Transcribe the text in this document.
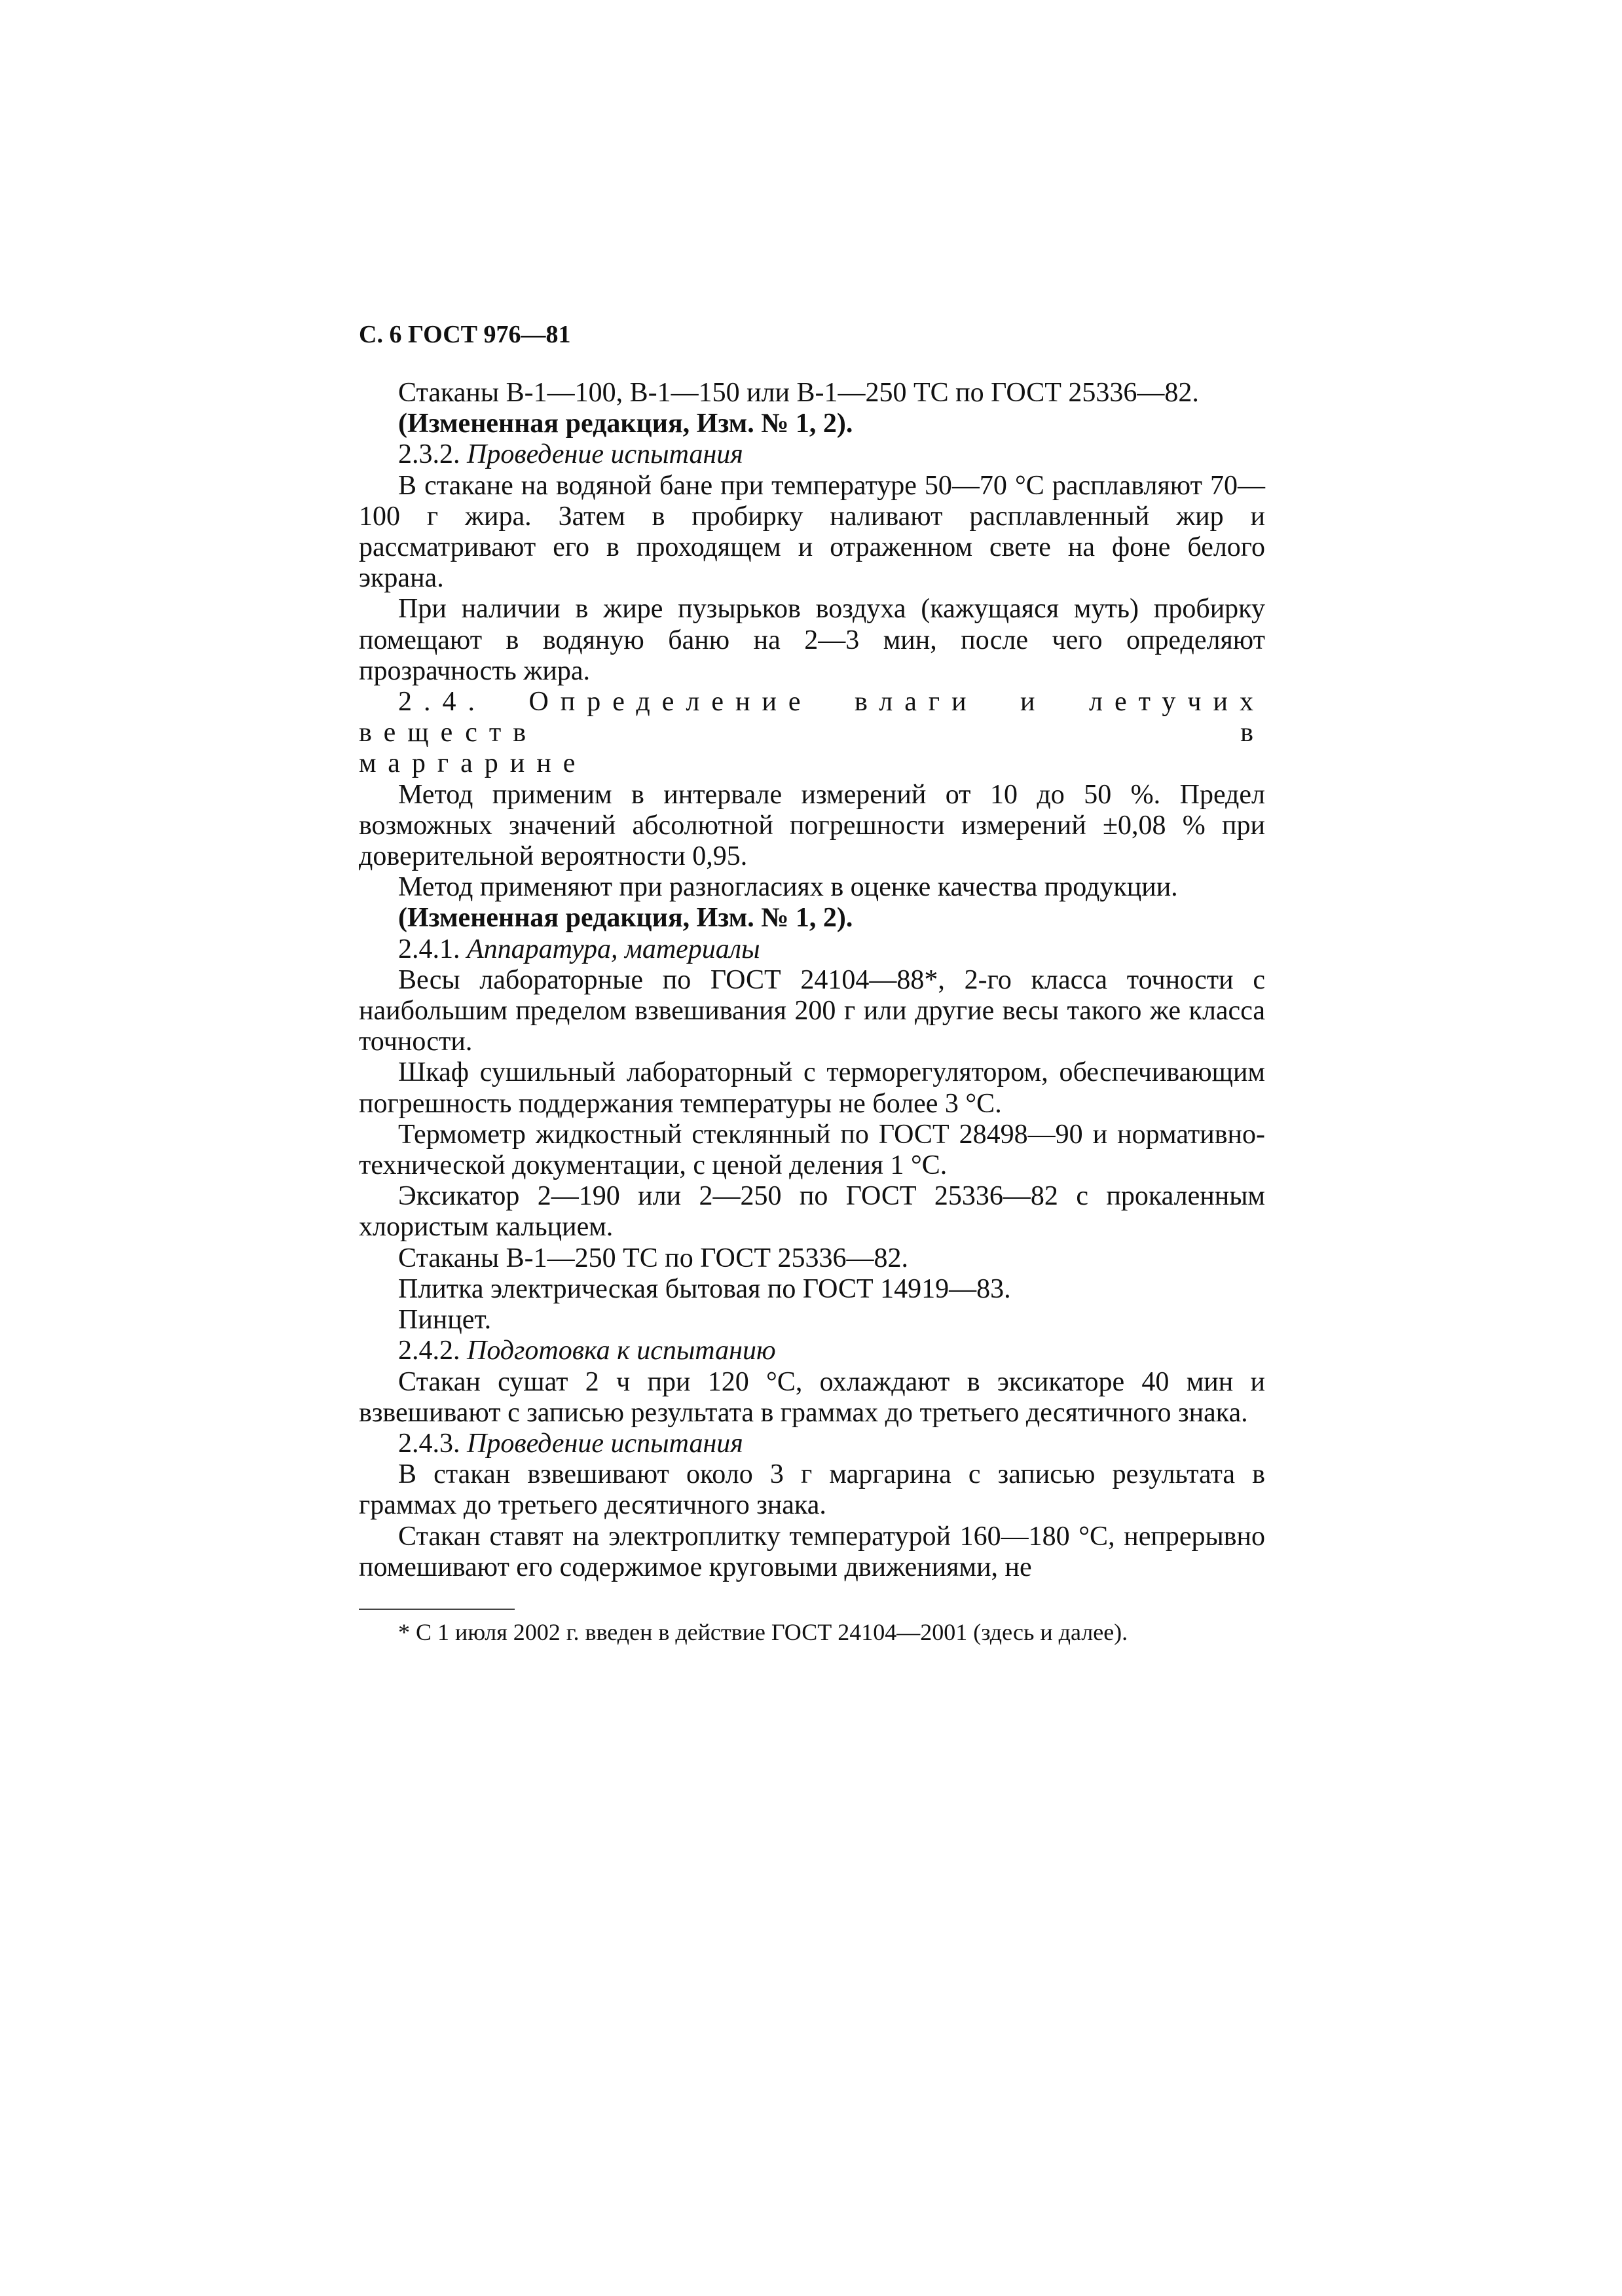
С. 6 ГОСТ 976—81

Стаканы В-1—100, В-1—150 или В-1—250 ТС по ГОСТ 25336—82.

(Измененная редакция, Изм. № 1, 2).

2.3.2. Проведение испытания

В стакане на водяной бане при температуре 50—70 °С расплавляют 70—100 г жира. Затем в пробирку наливают расплавленный жир и рассматривают его в проходящем и отраженном свете на фоне белого экрана.

При наличии в жире пузырьков воздуха (кажущаяся муть) пробирку помещают в водяную баню на 2—3 мин, после чего определяют прозрачность жира.

2.4. Определение влаги и летучих веществ в

маргарине

Метод применим в интервале измерений от 10 до 50 %. Предел возможных значений абсолютной погрешности измерений ±0,08 % при доверительной вероятности 0,95.

Метод применяют при разногласиях в оценке качества продукции.

(Измененная редакция, Изм. № 1, 2).

2.4.1. Аппаратура, материалы

Весы лабораторные по ГОСТ 24104—88*, 2-го класса точности с наибольшим пределом взвешивания 200 г или другие весы такого же класса точности.

Шкаф сушильный лабораторный с терморегулятором, обеспечивающим погрешность поддержания температуры не более 3 °С.

Термометр жидкостный стеклянный по ГОСТ 28498—90 и нормативно-технической документации, с ценой деления 1 °С.

Эксикатор 2—190 или 2—250 по ГОСТ 25336—82 с прокаленным хлористым кальцием.

Стаканы В-1—250 ТС по ГОСТ 25336—82.

Плитка электрическая бытовая по ГОСТ 14919—83.

Пинцет.

2.4.2. Подготовка к испытанию

Стакан сушат 2 ч при 120 °С, охлаждают в эксикаторе 40 мин и взвешивают с записью результата в граммах до третьего десятичного знака.

2.4.3. Проведение испытания

В стакан взвешивают около 3 г маргарина с записью результата в граммах до третьего десятичного знака.

Стакан ставят на электроплитку температурой 160—180 °С, непрерывно помешивают его содержимое круговыми движениями, не

* С 1 июля 2002 г. введен в действие ГОСТ 24104—2001 (здесь и далее).
